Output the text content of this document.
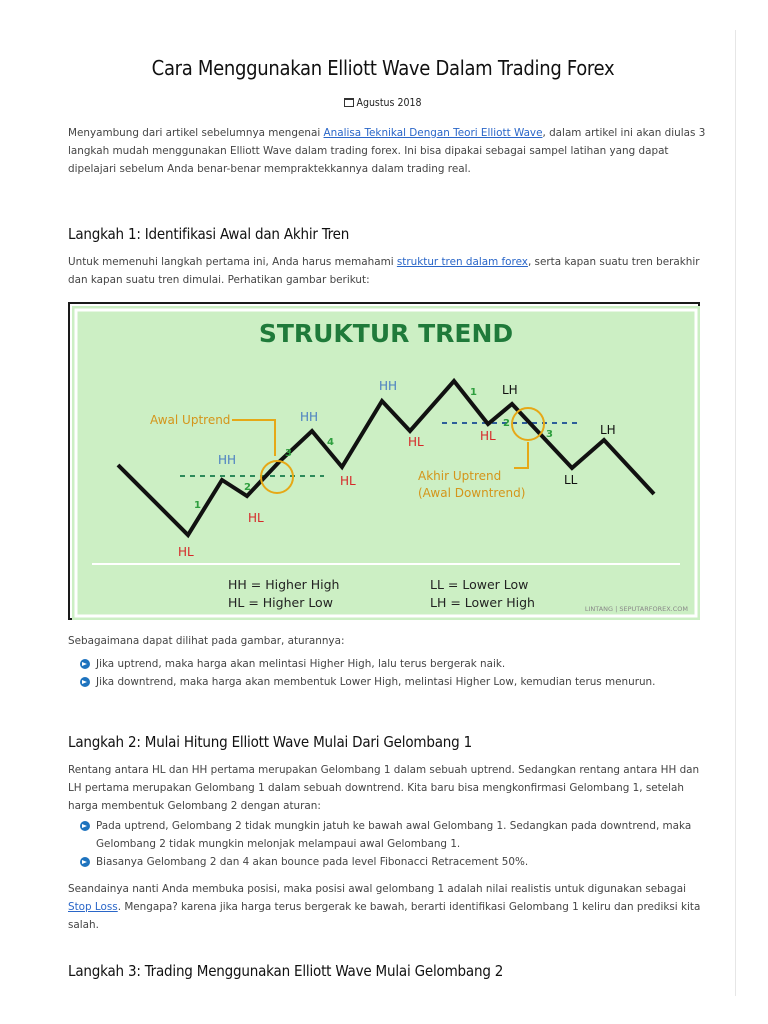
Cara Menggunakan Elliott Wave Dalam Trading Forex
Agustus 2018

Menyambung dari artikel sebelumnya mengenai Analisa Teknikal Dengan Teori Elliott Wave, dalam artikel ini akan diulas 3 langkah mudah menggunakan Elliott Wave dalam trading forex. Ini bisa dipakai sebagai sampel latihan yang dapat dipelajari sebelum Anda benar-benar mempraktekkannya dalam trading real.

Langkah 1: Identifikasi Awal dan Akhir Tren

Untuk memenuhi langkah pertama ini, Anda harus memahami struktur tren dalam forex, serta kapan suatu tren berakhir dan kapan suatu tren dimulai. Perhatikan gambar berikut:

STRUKTUR TREND
Awal Uptrend
Akhir Uptrend
(Awal Downtrend)
HH
HH
HH
HL
HL
HL
HL	HL
LH
LH
LL
1
2
3
4
1
2
3
HH = Higher High
HL = Higher Low
LL = Lower Low
LH = Lower High	LINTANG | SEPUTARFOREX.COM

Sebagaimana dapat dilihat pada gambar, aturannya:

Jika uptrend, maka harga akan melintasi Higher High, lalu terus bergerak naik.
Jika downtrend, maka harga akan membentuk Lower High, melintasi Higher Low, kemudian terus menurun.
Langkah 2: Mulai Hitung Elliott Wave Mulai Dari Gelombang 1

Rentang antara HL dan HH pertama merupakan Gelombang 1 dalam sebuah uptrend. Sedangkan rentang antara HH dan LH pertama merupakan Gelombang 1 dalam sebuah downtrend. Kita baru bisa mengkonfirmasi Gelombang 1, setelah harga membentuk Gelombang 2 dengan aturan:

Pada uptrend, Gelombang 2 tidak mungkin jatuh ke bawah awal Gelombang 1. Sedangkan pada downtrend, maka Gelombang 2 tidak mungkin melonjak melampaui awal Gelombang 1.
Biasanya Gelombang 2 dan 4 akan bounce pada level Fibonacci Retracement 50%.

Seandainya nanti Anda membuka posisi, maka posisi awal gelombang 1 adalah nilai realistis untuk digunakan sebagai Stop Loss. Mengapa? karena jika harga terus bergerak ke bawah, berarti identifikasi Gelombang 1 keliru dan prediksi kita salah.

Langkah 3: Trading Menggunakan Elliott Wave Mulai Gelombang 2
